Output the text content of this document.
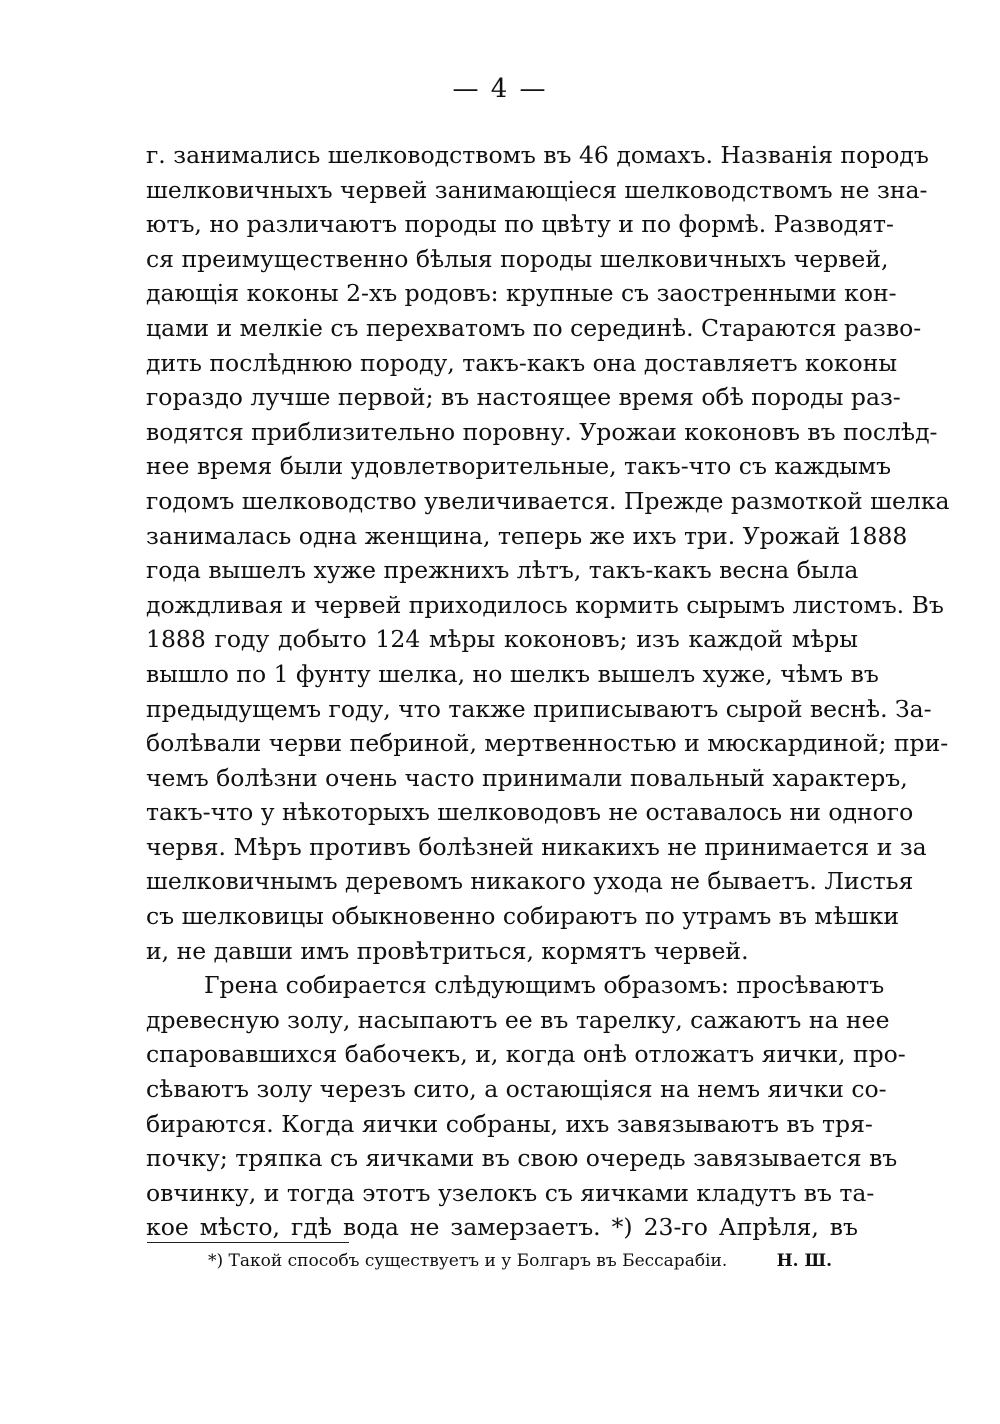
— 4 —
г. занимались шелководствомъ въ 46 домахъ. Названія породъ
шелковичныхъ червей занимающіеся шелководствомъ не зна-
ютъ, но различаютъ породы по цвѣту и по формѣ. Разводят-
ся преимущественно бѣлыя породы шелковичныхъ червей,
дающія коконы 2-хъ родовъ: крупные съ заостренными кон-
цами и мелкіе съ перехватомъ по серединѣ. Стараются разво-
дить послѣднюю породу, такъ-какъ она доставляетъ коконы
гораздо лучше первой; въ настоящее время обѣ породы раз-
водятся приблизительно поровну. Урожаи коконовъ въ послѣд-
нее время были удовлетворительные, такъ-что съ каждымъ
годомъ шелководство увеличивается. Прежде размоткой шелка
занималась одна женщина, теперь же ихъ три. Урожай 1888
года вышелъ хуже прежнихъ лѣтъ, такъ-какъ весна была
дождливая и червей приходилось кормить сырымъ листомъ. Въ
1888 году добыто 124 мѣры коконовъ; изъ каждой мѣры
вышло по 1 фунту шелка, но шелкъ вышелъ хуже, чѣмъ въ
предыдущемъ году, что также приписываютъ сырой веснѣ. За-
болѣвали черви пебриной, мертвенностью и мюскардиной; при-
чемъ болѣзни очень часто принимали повальный характеръ,
такъ-что у нѣкоторыхъ шелководовъ не оставалось ни одного
червя. Мѣръ противъ болѣзней никакихъ не принимается и за
шелковичнымъ деревомъ никакого ухода не бываетъ. Листья
съ шелковицы обыкновенно собираютъ по утрамъ въ мѣшки
и, не давши имъ провѣтриться, кормятъ червей.
Грена собирается слѣдующимъ образомъ: просѣваютъ
древесную золу, насыпаютъ ее въ тарелку, сажаютъ на нее
спаровавшихся бабочекъ, и, когда онѣ отложатъ яички, про-
сѣваютъ золу черезъ сито, а остающіяся на немъ яички со-
бираются. Когда яички собраны, ихъ завязываютъ въ тря-
почку; тряпка съ яичками въ свою очередь завязывается въ
овчинку, и тогда этотъ узелокъ съ яичками кладутъ въ та-
кое мѣсто, гдѣ вода не замерзаетъ. *) 23-го Апрѣля, въ
Н. Ш.
*) Такой способъ существуетъ и у Болгаръ въ Бессарабіи.
